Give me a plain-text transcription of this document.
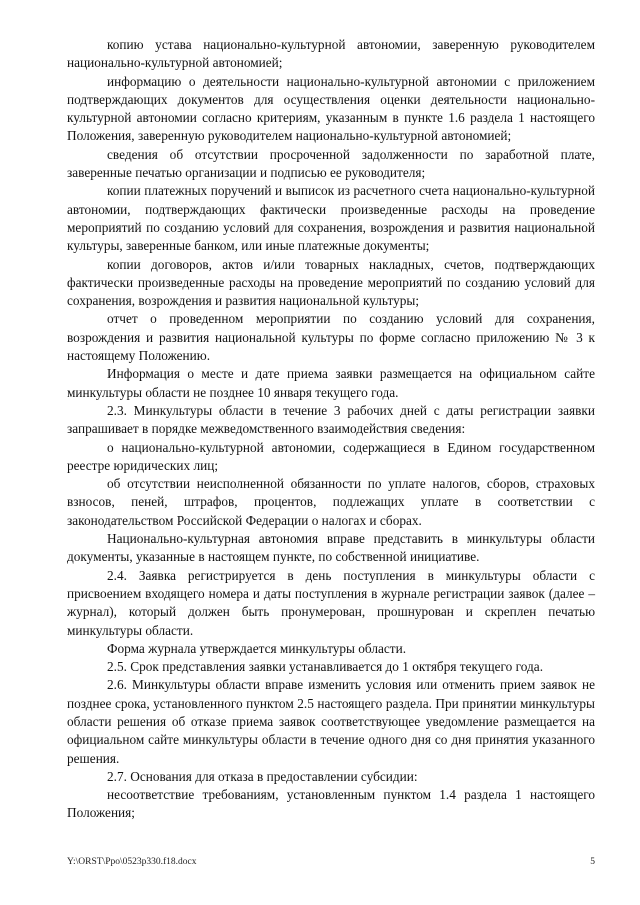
копию устава национально-культурной автономии, заверенную руководителем национально-культурной автономией;

информацию о деятельности национально-культурной автономии с приложением подтверждающих документов для осуществления оценки деятельности национально-культурной автономии согласно критериям, указанным в пункте 1.6 раздела 1 настоящего Положения, заверенную руководителем национально-культурной автономией;

сведения об отсутствии просроченной задолженности по заработной плате, заверенные печатью организации и подписью ее руководителя;

копии платежных поручений и выписок из расчетного счета национально-культурной автономии, подтверждающих фактически произведенные расходы на проведение мероприятий по созданию условий для сохранения, возрождения и развития национальной культуры, заверенные банком, или иные платежные документы;

копии договоров, актов и/или товарных накладных, счетов, подтверждающих фактически произведенные расходы на проведение мероприятий по созданию условий для сохранения, возрождения и развития национальной культуры;

отчет о проведенном мероприятии по созданию условий для сохранения, возрождения и развития национальной культуры по форме согласно приложению № 3 к настоящему Положению.

Информация о месте и дате приема заявки размещается на официальном сайте минкультуры области не позднее 10 января текущего года.

2.3. Минкультуры области в течение 3 рабочих дней с даты регистрации заявки запрашивает в порядке межведомственного взаимодействия сведения:

о национально-культурной автономии, содержащиеся в Едином государственном реестре юридических лиц;

об отсутствии неисполненной обязанности по уплате налогов, сборов, страховых взносов, пеней, штрафов, процентов, подлежащих уплате в соответствии с законодательством Российской Федерации о налогах и сборах.

Национально-культурная автономия вправе представить в минкультуры области документы, указанные в настоящем пункте, по собственной инициативе.

2.4. Заявка регистрируется в день поступления в минкультуры области с присвоением входящего номера и даты поступления в журнале регистрации заявок (далее – журнал), который должен быть пронумерован, прошнурован и скреплен печатью минкультуры области.

Форма журнала утверждается минкультуры области.

2.5. Срок представления заявки устанавливается до 1 октября текущего года.

2.6. Минкультуры области вправе изменить условия или отменить прием заявок не позднее срока, установленного пунктом 2.5 настоящего раздела. При принятии минкультуры области решения об отказе приема заявок соответствующее уведомление размещается на официальном сайте минкультуры области в течение одного дня со дня принятия указанного решения.

2.7. Основания для отказа в предоставлении субсидии:

несоответствие требованиям, установленным пунктом 1.4 раздела 1 настоящего Положения;

Y:\ORST\Ppo\0523p330.f18.docx	5
